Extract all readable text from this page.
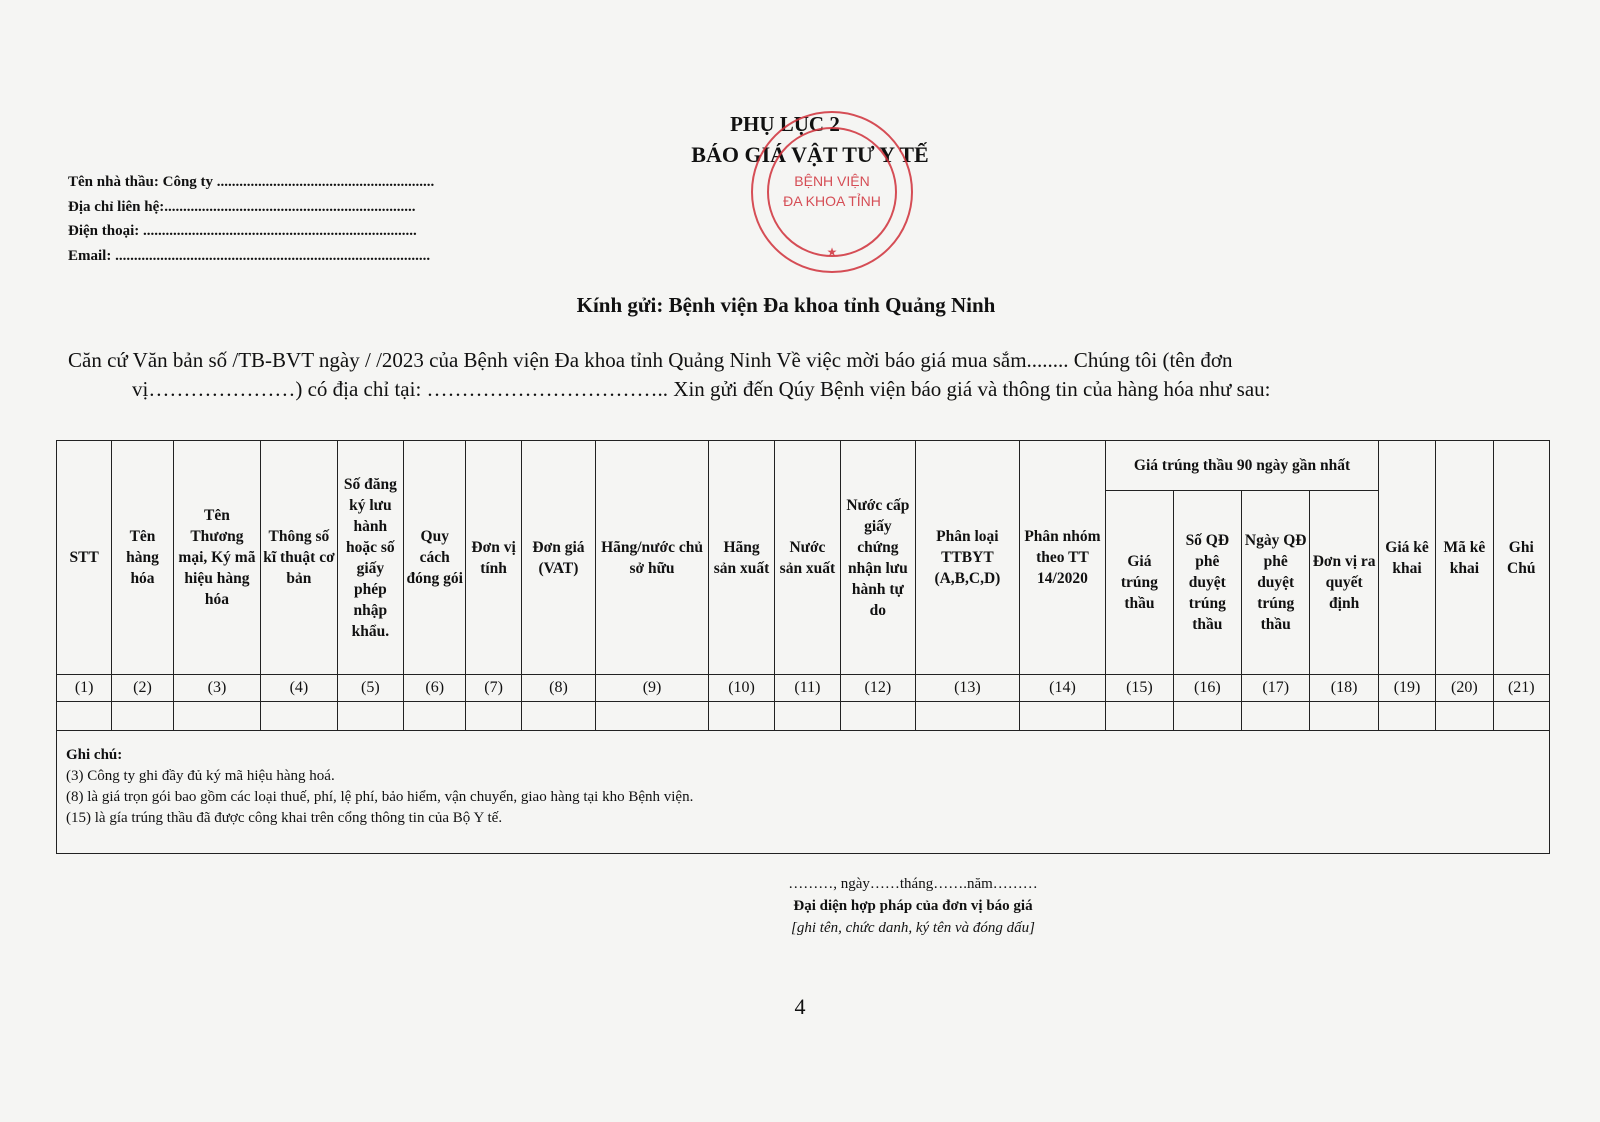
PHỤ LỤC 2
BÁO GIÁ VẬT TƯ Y TẾ
BỆNH VIỆN
ĐA KHOA TỈNH
★
Tên nhà thầu: Công ty ..........................................................
Địa chỉ liên hệ:...................................................................
Điện thoại: .........................................................................
Email: ....................................................................................
Kính gửi: Bệnh viện Đa khoa tỉnh Quảng Ninh
Căn cứ Văn bản số /TB-BVT ngày / /2023 của Bệnh viện Đa khoa tỉnh Quảng Ninh Về việc mời báo giá mua sắm........ Chúng tôi (tên đơn
vị…………………) có địa chỉ tại: …………………………….. Xin gửi đến Qúy Bệnh viện báo giá và thông tin của hàng hóa như sau:
STT	Tên hàng hóa	Tên Thương mại, Ký mã hiệu hàng hóa	Thông số kĩ thuật cơ bản	Số đăng ký lưu hành hoặc số giấy phép nhập khẩu.	Quy cách đóng gói	Đơn vị tính	Đơn giá (VAT)	Hãng/nước chủ sở hữu	Hãng sản xuất	Nước sản xuất	Nước cấp giấy chứng nhận lưu hành tự do	Phân loại TTBYT (A,B,C,D)	Phân nhóm theo TT 14/2020	Giá trúng thầu 90 ngày gần nhất				Giá kê khai	Mã kê khai	Ghi Chú
														Giá trúng thầu	Số QĐ phê duyệt trúng thầu	Ngày QĐ phê duyệt trúng thầu	Đơn vị ra quyết định			
(1)	(2)	(3)	(4)	(5)	(6)	(7)	(8)	(9)	(10)	(11)	(12)	(13)	(14)	(15)	(16)	(17)	(18)	(19)	(20)	(21)

Ghi chú:
(3) Công ty ghi đầy đủ ký mã hiệu hàng hoá.
(8) là giá trọn gói bao gồm các loại thuế, phí, lệ phí, bảo hiểm, vận chuyển, giao hàng tại kho Bệnh viện.
(15) là gía trúng thầu đã được công khai trên cổng thông tin của Bộ Y tế.																				
………, ngày……tháng…….năm………
Đại diện hợp pháp của đơn vị báo giá
[ghi tên, chức danh, ký tên và đóng dấu]
4
